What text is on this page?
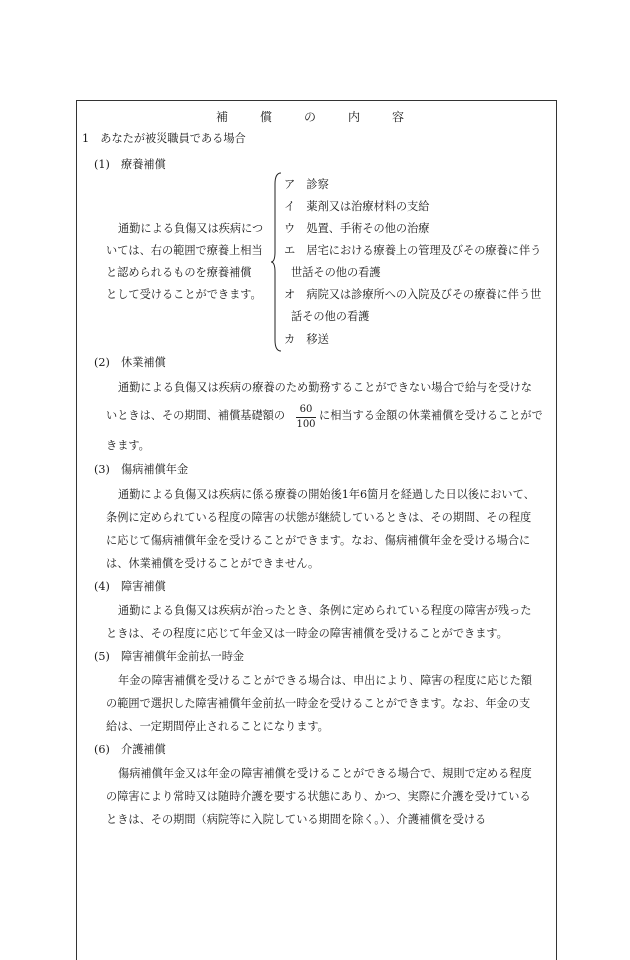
補　償　の　内　容
1　あなたが被災職員である場合
(1)　療養補償
通勤による負傷又は疾病につ
いては、右の範囲で療養上相当
と認められるものを療養補償
として受けることができます。
ア　診察
イ　薬剤又は治療材料の支給
ウ　処置、手術その他の治療
エ　居宅における療養上の管理及びその療養に伴う
世話その他の看護
オ　病院又は診療所への入院及びその療養に伴う世
話その他の看護
カ　移送
(2)　休業補償
通勤による負傷又は疾病の療養のため勤務することができない場合で給与を受けな
いときは、その期間、補償基礎額の	60
100
に相当する金額の休業補償を受けることがで
きます。
(3)　傷病補償年金
通勤による負傷又は疾病に係る療養の開始後1年6箇月を経過した日以後において、
条例に定められている程度の障害の状態が継続しているときは、その期間、その程度
に応じて傷病補償年金を受けることができます。なお、傷病補償年金を受ける場合に
は、休業補償を受けることができません。
(4)　障害補償
通勤による負傷又は疾病が治ったとき、条例に定められている程度の障害が残った
ときは、その程度に応じて年金又は一時金の障害補償を受けることができます。
(5)　障害補償年金前払一時金
年金の障害補償を受けることができる場合は、申出により、障害の程度に応じた額
の範囲で選択した障害補償年金前払一時金を受けることができます。なお、年金の支
給は、一定期間停止されることになります。
(6)　介護補償
傷病補償年金又は年金の障害補償を受けることができる場合で、規則で定める程度
の障害により常時又は随時介護を要する状態にあり、かつ、実際に介護を受けている
ときは、その期間（病院等に入院している期間を除く。）、介護補償を受ける
